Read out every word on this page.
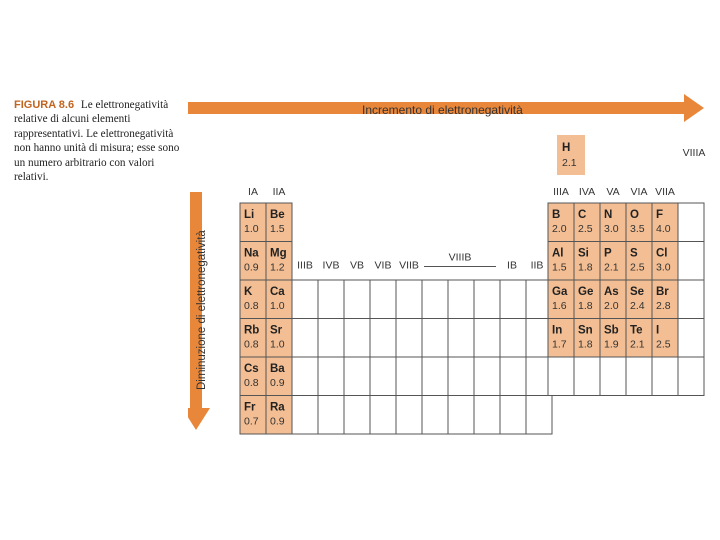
FIGURA 8.6 Le elettronegatività relative di alcuni elementi rappresentativi. Le elettronegatività non hanno unità di misura; esse sono un numero arbitrario con valori relativi.
Incremento di elettronegatività
Diminuzione di elettronegatività
Li
1.0
Be
1.5
Na
0.9
Mg
1.2
K
0.8
Ca
1.0
Rb
0.8
Sr
1.0
Cs
0.8
Ba
0.9
Fr
0.7
Ra
0.9
B
2.0
C
2.5
N
3.0
O
3.5
F
4.0
Al
1.5
Si
1.8
P
2.1
S
2.5
Cl
3.0
Ga
1.6
Ge
1.8
As
2.0
Se
2.4
Br
2.8
In
1.7
Sn
1.8
Sb
1.9
Te
2.1
I
2.5
H
2.1
IA IIA	IIIA IVA VA VIA VIIA
VIIIA
IIIB IVB VB VIB VIIB
VIIIB
IB IIB
